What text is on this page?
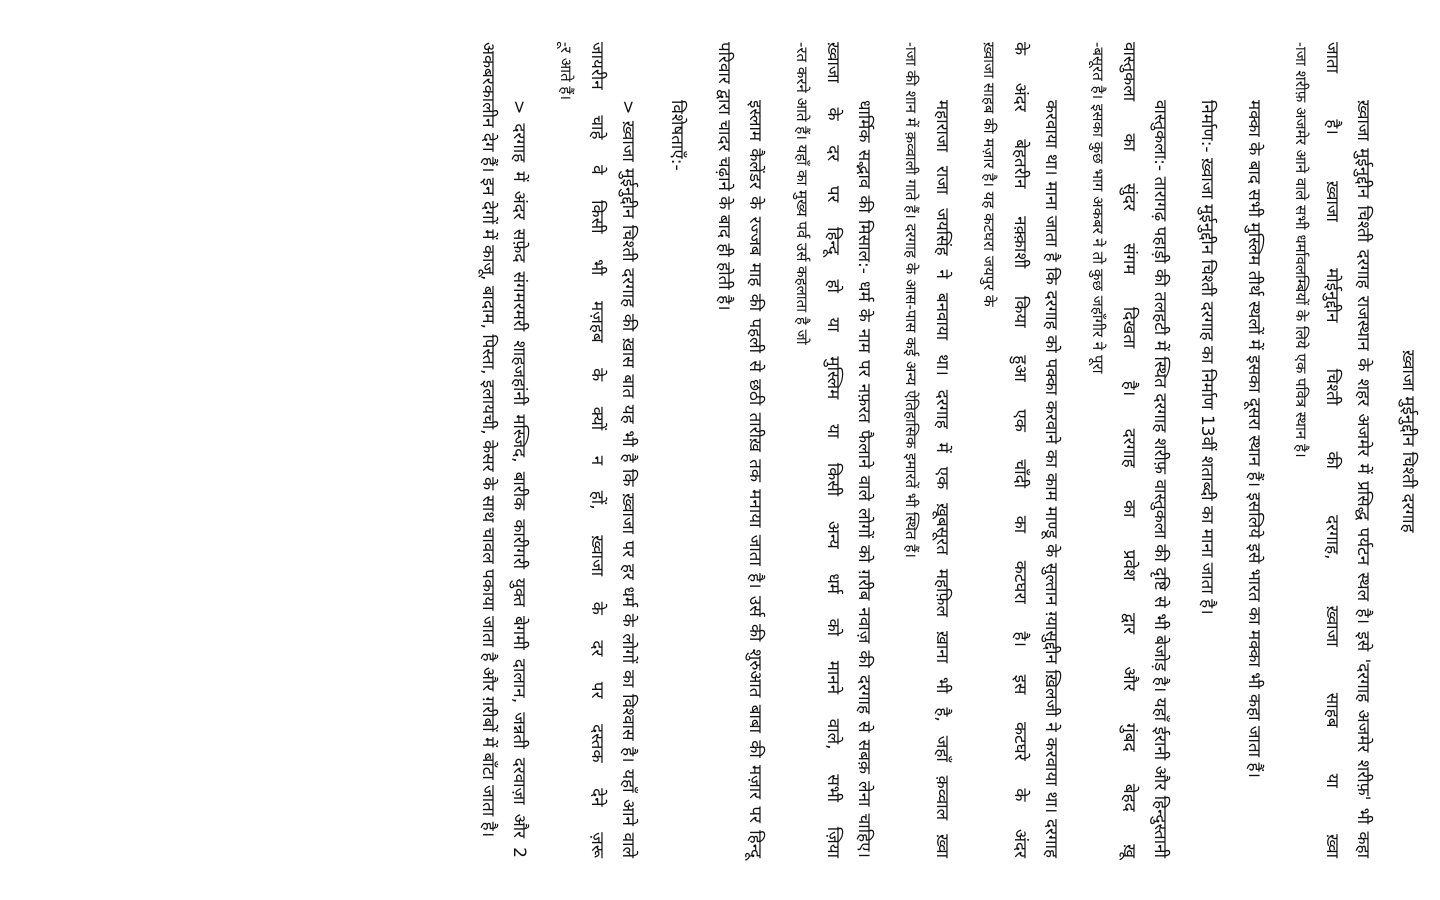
ख़्वाजा मुईनुद्दीन चिश्ती दरगाह
ख़्वाजा मुईनुद्दीन चिश्ती दरगाह राजस्थान के शहर अजमेर में प्रसिद्ध पर्यटन स्थल है। इसे 'दरगाह अजमेर शरीफ़' भी कहा जाता है। ख़्वाजा मोईनुद्दीन चिश्ती की दरगाह, ख़्वाजा साहब या ख़्वा
-ाजा शरीफ़ अजमेर आने वाले सभी धर्मावलम्बियों के लिये एक पवित्र स्थान है।
मक्का के बाद सभी मुस्लिम तीर्थ स्थलों में इसका दूसरा स्थान हैं। इसलिये इसे भारत का मक्का भी कहा जाता हैं।
निर्माण:- ख़्वाजा मुईनुद्दीन चिश्ती दरगाह का निर्माण 13वीं शताब्दी का माना जाता है।
वास्तुकला:- तारागढ़ पहाड़ी की तलहटी में स्थित दरगाह शरीफ़ वास्तुकला की दृष्टि से भी बेजोड़ है। यहाँ ईरानी और हिन्दुस्तानी वास्तुकला का सुंदर संगम दिखता है। दरगाह का प्रवेश द्वार और गुंबद बेहद ख़ू
-बसूरत है। इसका कुछ भाग अकबर ने तो कुछ जहाँगीर ने पूरा
करवाया था। माना जाता है कि दरगाह को पक्का करवाने का काम माण्डू के सुल्तान ग़्यासुद्दीन ख़िलजी ने करवाया था। दरगाह के अंदर बेहतरीन नक़्क़ाशी किया हुआ एक चाँदी का कटघरा है। इस कटघरे के अंदर
ख़्वाजा साहब की मज़ार है। यह कटघरा जयपुर के
महाराजा राजा जयसिंह ने बनवाया था। दरगाह में एक ख़ूबसूरत महफ़िल ख़ाना भी है, जहाँ क़व्वाल ख़्वा
-ाजा की शान में क़व्वाली गाते हैं। दरगाह के आस-पास कई अन्य ऐतिहासिक इमारतें भी स्थित हैं।
धार्मिक सद्भाव की मिसाल:- धर्म के नाम पर नफ़रत फैलाने वाले लोगों को ग़रीब नवाज़ की दरगाह से सबक़ लेना चाहिए। ख़्वाजा के दर पर हिन्दू हो या मुस्लिम या किसी अन्य धर्म को मानने वाले, सभी ज़िया
-रत करने आते हैं। यहाँ का मुख्य पर्व उर्स कहलाता है जो
इस्लाम कैलेंडर के रज्जब माह की पहली से छठी तारीख़ तक मनाया जाता है। उर्स की शुरुआत बाबा की मज़ार पर हिन्दू परिवार द्वारा चादर चढ़ाने के बाद ही होती है।
विशेषताएँ:-
> ख़्वाजा मुईनुद्दीन चिश्ती दरगाह की ख़ास बात यह भी है कि ख़्वाजा पर हर धर्म के लोगों का विश्वास है। यहाँ आने वाले जायरीन चाहे वे किसी भी मज़हब के क्यों न हों, ख़्वाजा के दर पर दस्तक देने ज़रू
-ूर आते हैं।
> दरगाह में अंदर सफ़ेद संगमरमरी शाहजहांनी मस्जिद, बारीक कारीगरी युक्त बेगमी दालान, जन्नती दरवाज़ा और 2 अकबरकालीन देग हैं। इन देगों में काजू, बादाम, पिस्ता, इलायची, केसर के साथ चावल पकाया जाता है और ग़रीबों में बाँटा जाता है।
